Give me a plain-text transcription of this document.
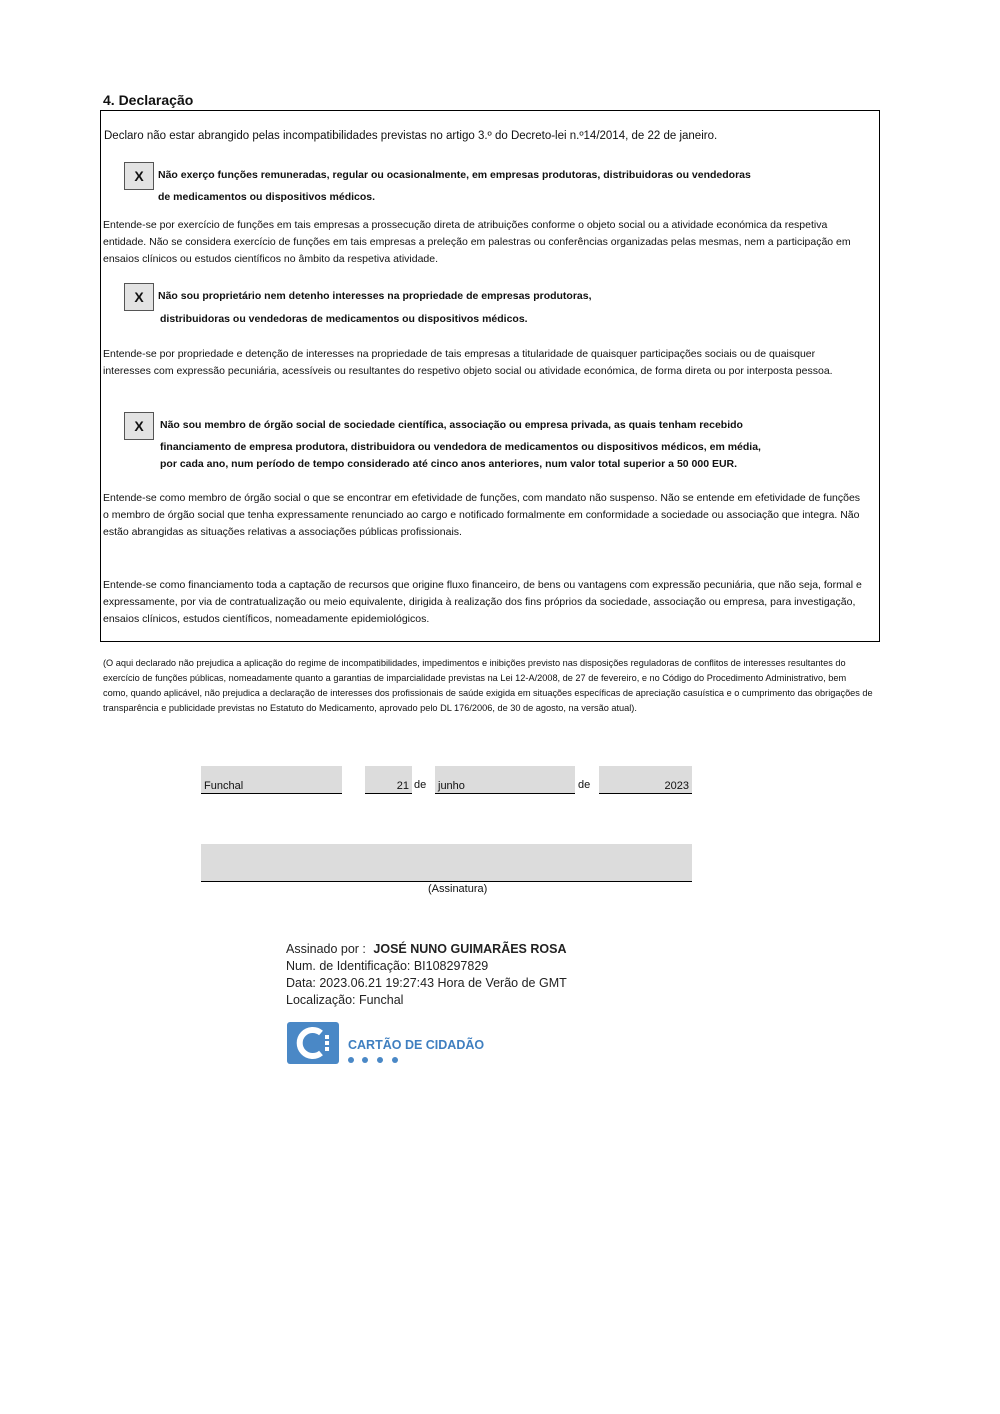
4. Declaração
Declaro não estar abrangido pelas incompatibilidades previstas no artigo 3.º do Decreto-lei n.º14/2014, de 22 de janeiro.
X	Não exerço funções remuneradas, regular ou ocasionalmente, em empresas produtoras, distribuidoras ou vendedoras
de medicamentos ou dispositivos médicos.
Entende-se por exercício de funções em tais empresas a prossecução direta de atribuições conforme o objeto social ou a atividade económica da respetiva entidade. Não se considera exercício de funções em tais empresas a preleção em palestras ou conferências organizadas pelas mesmas, nem a participação em ensaios clínicos ou estudos científicos no âmbito da respetiva atividade.
X	Não sou proprietário nem detenho interesses na propriedade de empresas produtoras,
distribuidoras ou vendedoras de medicamentos ou dispositivos médicos.
Entende-se por propriedade e detenção de interesses na propriedade de tais empresas a titularidade de quaisquer participações sociais ou de quaisquer interesses com expressão pecuniária, acessíveis ou resultantes do respetivo objeto social ou atividade económica, de forma direta ou por interposta pessoa.
X	Não sou membro de órgão social de sociedade científica, associação ou empresa privada, as quais tenham recebido
financiamento de empresa produtora, distribuidora ou vendedora de medicamentos ou dispositivos médicos, em média,
por cada ano, num período de tempo considerado até cinco anos anteriores, num valor total superior a 50 000 EUR.
Entende-se como membro de órgão social o que se encontrar em efetividade de funções, com mandato não suspenso. Não se entende em efetividade de funções o membro de órgão social que tenha expressamente renunciado ao cargo e notificado formalmente em conformidade a sociedade ou associação que integra. Não estão abrangidas as situações relativas a associações públicas profissionais.
Entende-se como financiamento toda a captação de recursos que origine fluxo financeiro, de bens ou vantagens com expressão pecuniária, que não seja, formal e expressamente, por via de contratualização ou meio equivalente, dirigida à realização dos fins próprios da sociedade, associação ou empresa, para investigação, ensaios clínicos, estudos científicos, nomeadamente epidemiológicos.
(O aqui declarado não prejudica a aplicação do regime de incompatibilidades, impedimentos e inibições previsto nas disposições reguladoras de conflitos de interesses resultantes do exercício de funções públicas, nomeadamente quanto a garantias de imparcialidade previstas na Lei 12-A/2008, de 27 de fevereiro, e no Código do Procedimento Administrativo, bem como, quando aplicável, não prejudica a declaração de interesses dos profissionais de saúde exigida em situações específicas de apreciação casuística e o cumprimento das obrigações de transparência e publicidade previstas no Estatuto do Medicamento, aprovado pelo DL 176/2006, de 30 de agosto, na versão atual).
Funchal	21 de junho	de	2023
(Assinatura)
Assinado por : JOSÉ NUNO GUIMARÃES ROSA
Num. de Identificação: BI108297829
Data: 2023.06.21 19:27:43 Hora de Verão de GMT
Localização: Funchal
CARTÃO DE CIDADÃO
